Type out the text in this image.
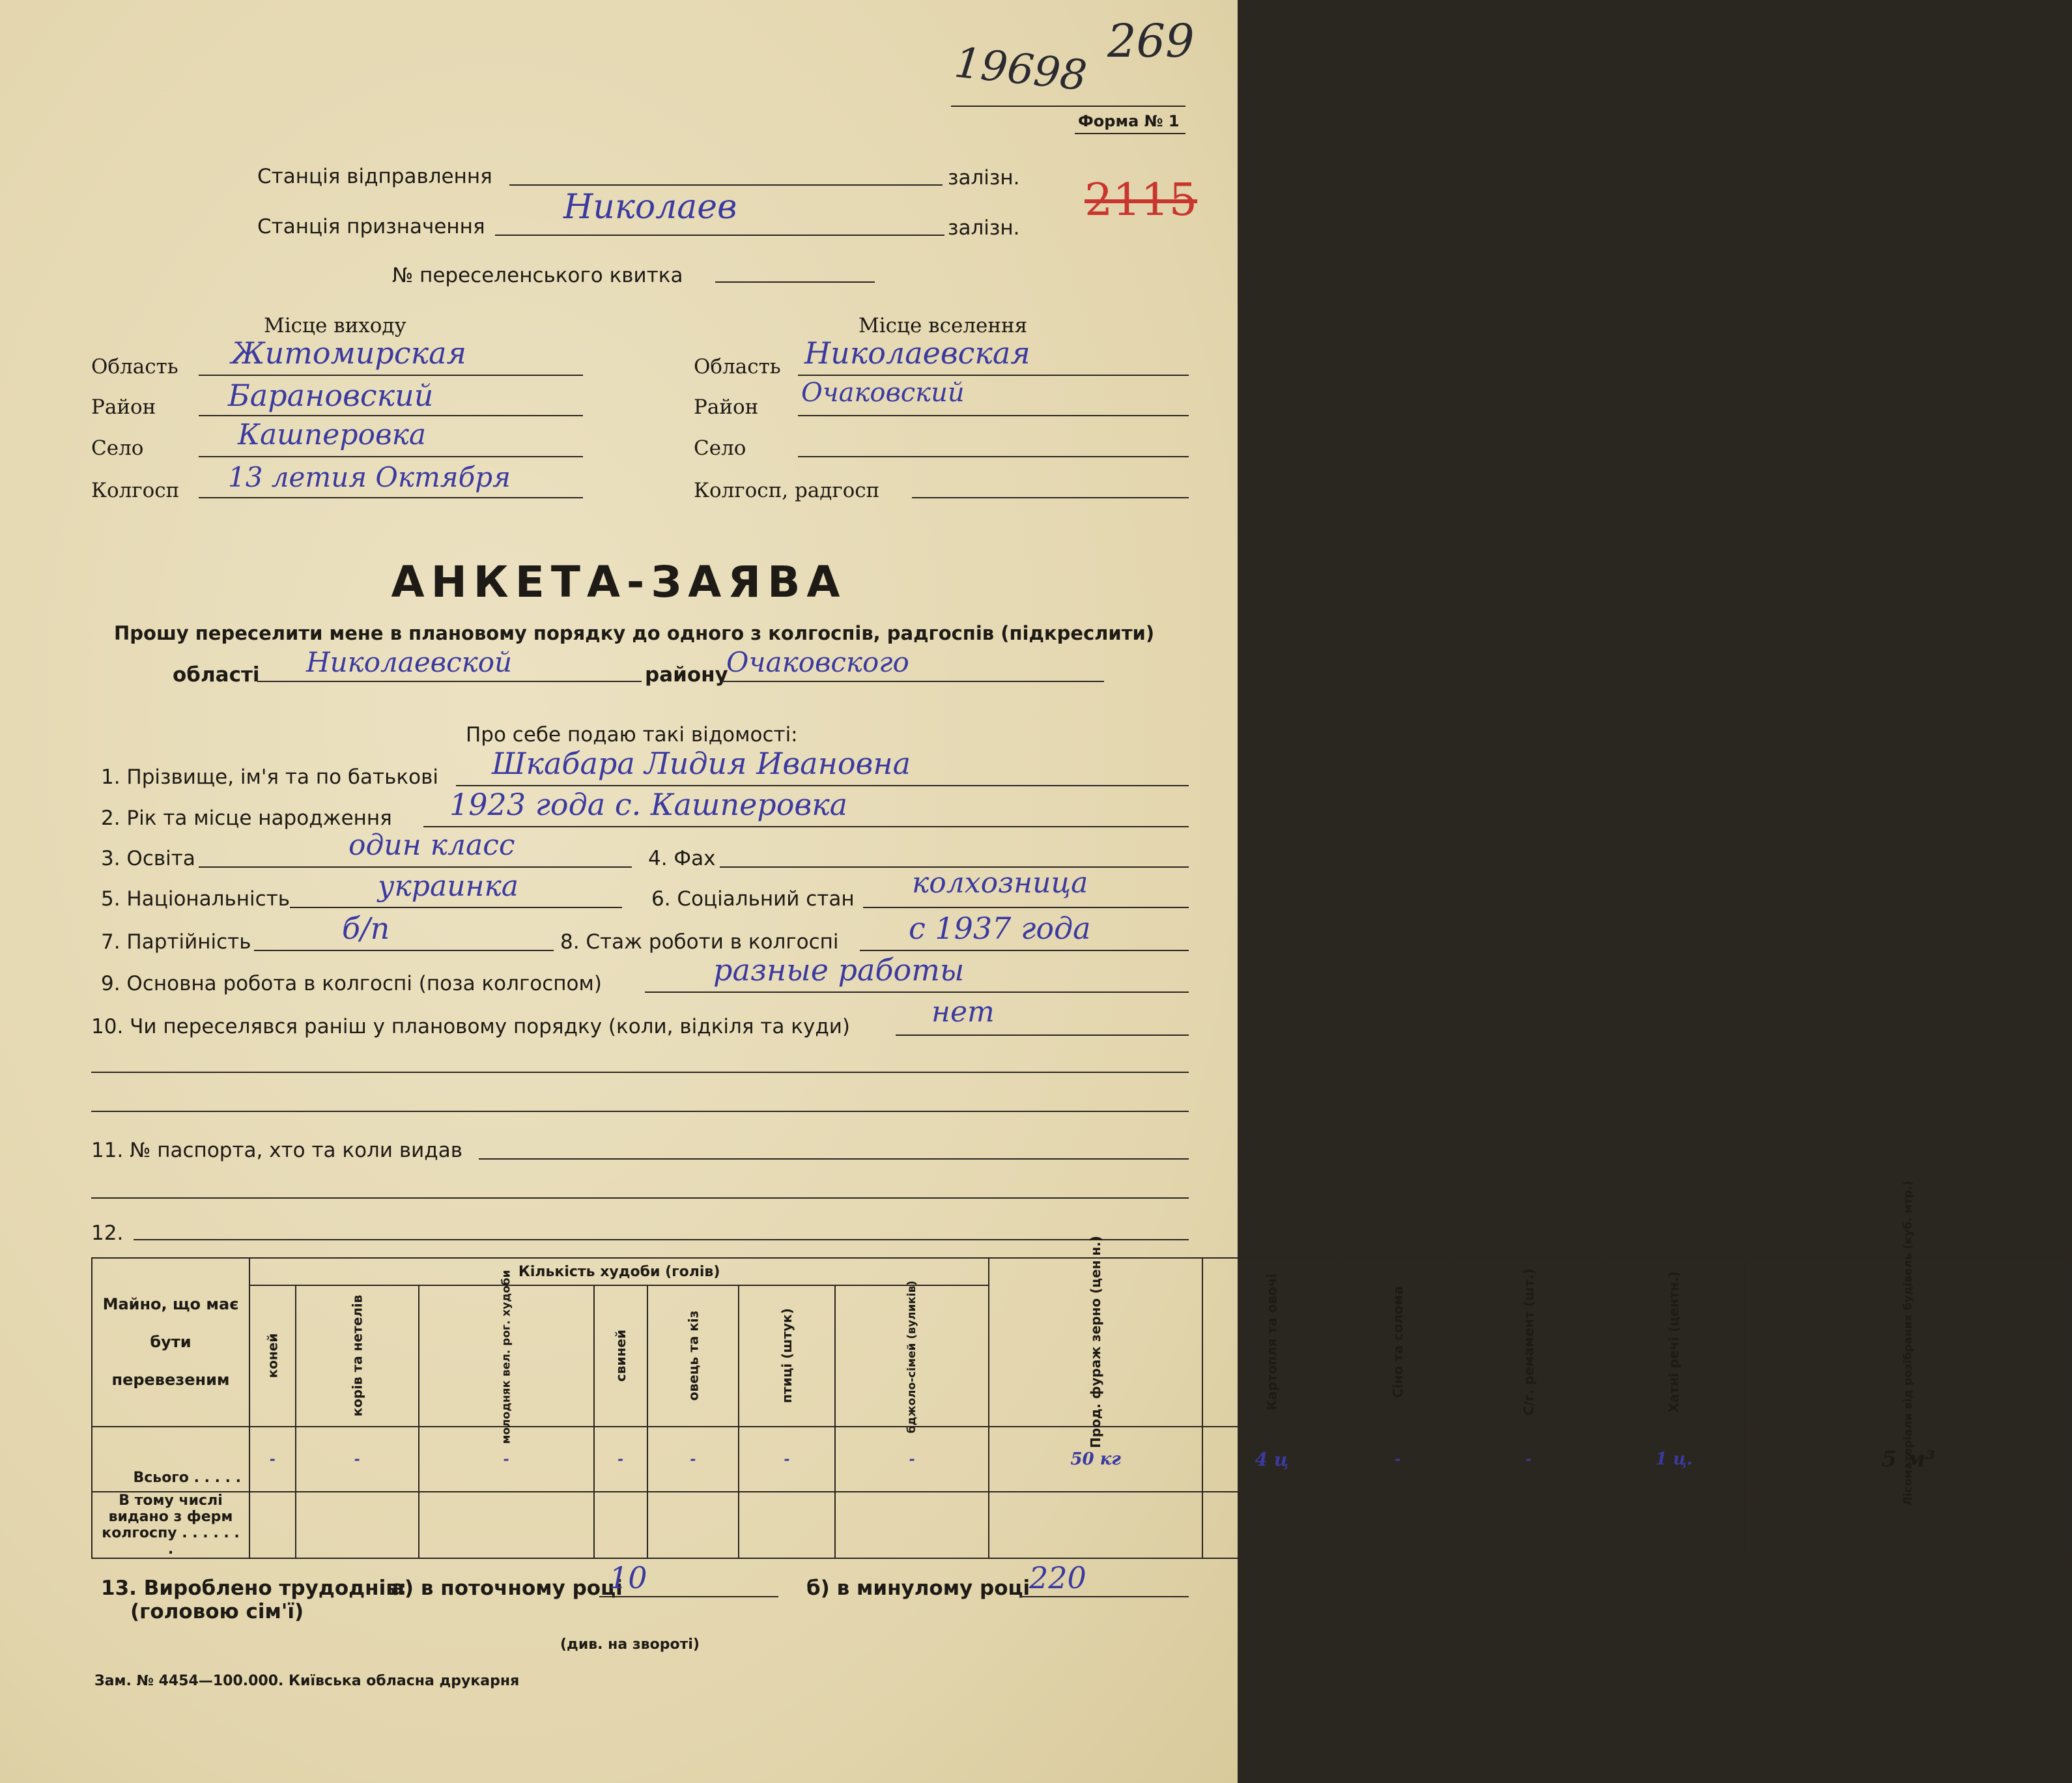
19698 269
Форма № 1
2115
Станція відправлення	залізн.
Станція призначення Николаев
залізн.
№ переселенського квитка
Місце виходу
Область Житомирская
Район Барановский
Село	Кашперовка
Колгосп 13 летия Октября
Місце вселення
Область Николаевская
Район Очаковский
Село
Колгосп, радгосп
АНКЕТА-ЗАЯВА
Прошу переселити мене в плановому порядку до одного з колгоспів, радгоспів (підкреслити)
області Николаевской	району
Очаковского
Про себе подаю такі відомості:
1. Прізвище, ім'я та по батькові Шкабара Лидия Ивановна
2. Рік та місце народження 1923 года с. Кашперовка
3. Освіта	один класс	4. Фах
5. Національність	украинка	6. Соціальний стан колхозница
7. Партійність	б/п	8. Стаж роботи в колгоспі с 1937 года
9. Основна робота в колгоспі (поза колгоспом)	разные работы
10. Чи переселявся раніш у плановому порядку (коли, відкіля та куди)	нет
11. № паспорта, хто та коли видав
12.
Майно, що має бути перевезеним	Кількість худоби (голів)							Прод. фураж зерно (цен н.)	Картопля та овочі	Сіно та солома	С/г. ремамент (шт.)	Хатні речі (центн.)	Лісоматеріали від розібраних будівель (куб. мтр.)
	коней	корів та нетелів	молодняк вел. рог. худоби	свиней	овець та кіз	птиці (штук)	бджоло-сімей (вуликів)						
Всього . . . . .	-	-	-	-	-	-	-	50 кг	4 ц	-	-	1 ц.	5 м³
В тому числі видано з ферм колгоспу . . . . . . .													
13. Вироблено трудоднів:
(головою сім'ї)
а) в поточному році
10	б) в минулому році
220
(див. на звороті)
Зам. № 4454—100.000. Київська обласна друкарня
